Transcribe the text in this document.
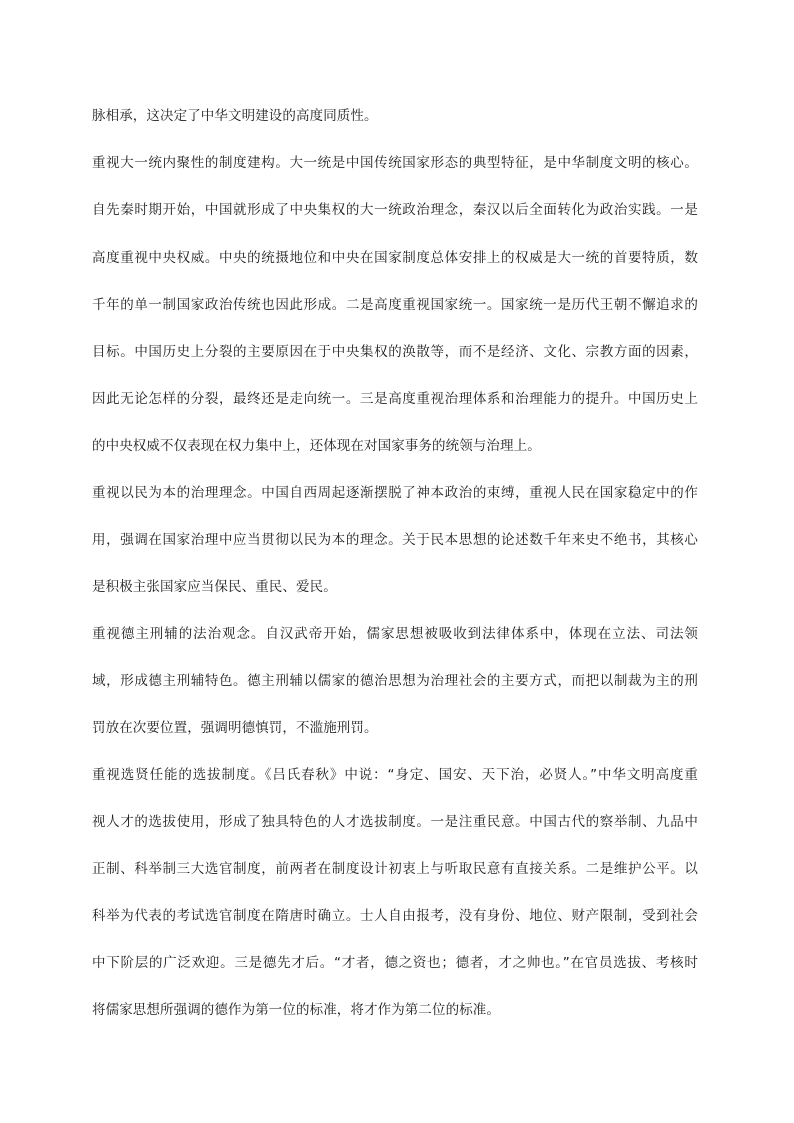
脉相承，这决定了中华文明建设的高度同质性。
重视大一统内聚性的制度建构。大一统是中国传统国家形态的典型特征，是中华制度文明的核心。
自先秦时期开始，中国就形成了中央集权的大一统政治理念，秦汉以后全面转化为政治实践。一是
高度重视中央权威。中央的统摄地位和中央在国家制度总体安排上的权威是大一统的首要特质，数
千年的单一制国家政治传统也因此形成。二是高度重视国家统一。国家统一是历代王朝不懈追求的
目标。中国历史上分裂的主要原因在于中央集权的涣散等，而不是经济、文化、宗教方面的因素，
因此无论怎样的分裂，最终还是走向统一。三是高度重视治理体系和治理能力的提升。中国历史上
的中央权威不仅表现在权力集中上，还体现在对国家事务的统领与治理上。
重视以民为本的治理理念。中国自西周起逐渐摆脱了神本政治的束缚，重视人民在国家稳定中的作
用，强调在国家治理中应当贯彻以民为本的理念。关于民本思想的论述数千年来史不绝书，其核心
是积极主张国家应当保民、重民、爱民。
重视德主刑辅的法治观念。自汉武帝开始，儒家思想被吸收到法律体系中，体现在立法、司法领
域，形成德主刑辅特色。德主刑辅以儒家的德治思想为治理社会的主要方式，而把以制裁为主的刑
罚放在次要位置，强调明德慎罚，不滥施刑罚。
重视选贤任能的选拔制度。《吕氏春秋》中说：“身定、国安、天下治，必贤人。”中华文明高度重
视人才的选拔使用，形成了独具特色的人才选拔制度。一是注重民意。中国古代的察举制、九品中
正制、科举制三大选官制度，前两者在制度设计初衷上与听取民意有直接关系。二是维护公平。以
科举为代表的考试选官制度在隋唐时确立。士人自由报考，没有身份、地位、财产限制，受到社会
中下阶层的广泛欢迎。三是德先才后。“才者，德之资也；德者，才之帅也。”在官员选拔、考核时
将儒家思想所强调的德作为第一位的标准，将才作为第二位的标准。
